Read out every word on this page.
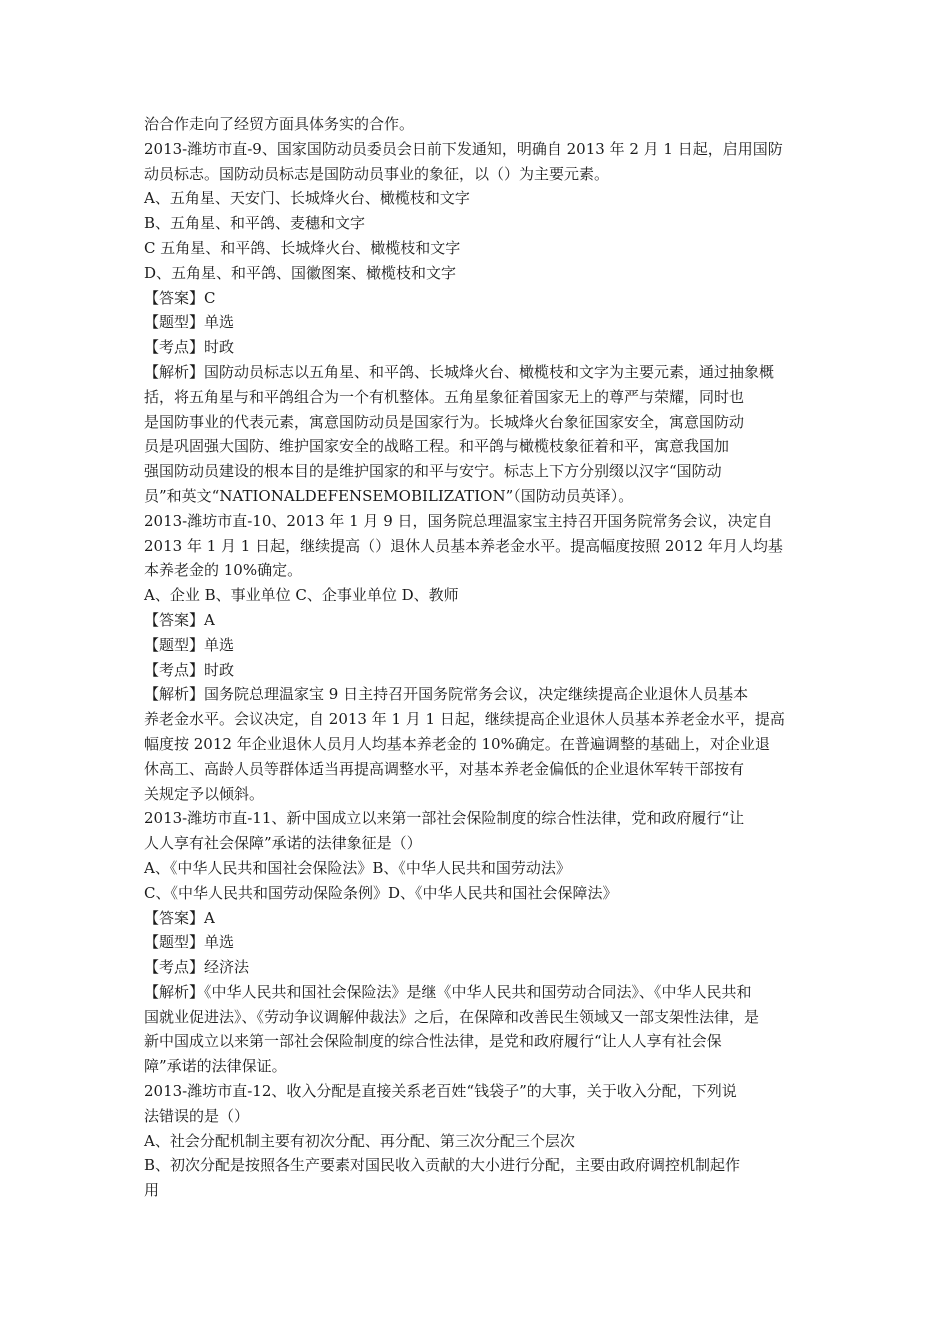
治合作走向了经贸方面具体务实的合作。
2013-潍坊市直-9、国家国防动员委员会日前下发通知，明确自 2013 年 2 月 1 日起，启用国防
动员标志。国防动员标志是国防动员事业的象征，以（）为主要元素。
A、五角星、天安门、长城烽火台、橄榄枝和文字
B、五角星、和平鸽、麦穗和文字
C 五角星、和平鸽、长城烽火台、橄榄枝和文字
D、五角星、和平鸽、国徽图案、橄榄枝和文字
【答案】C
【题型】单选
【考点】时政
【解析】国防动员标志以五角星、和平鸽、长城烽火台、橄榄枝和文字为主要元素，通过抽象概
括，将五角星与和平鸽组合为一个有机整体。五角星象征着国家无上的尊严与荣耀，同时也
是国防事业的代表元素，寓意国防动员是国家行为。长城烽火台象征国家安全，寓意国防动
员是巩固强大国防、维护国家安全的战略工程。和平鸽与橄榄枝象征着和平，寓意我国加
强国防动员建设的根本目的是维护国家的和平与安宁。标志上下方分别缀以汉字“国防动
员”和英文“NATIONALDEFENSEMOBILIZATION”（国防动员英译）。
2013-潍坊市直-10、2013 年 1 月 9 日，国务院总理温家宝主持召开国务院常务会议，决定自
2013 年 1 月 1 日起，继续提高（）退休人员基本养老金水平。提高幅度按照 2012 年月人均基
本养老金的 10%确定。
A、企业 B、事业单位 C、企事业单位 D、教师
【答案】A
【题型】单选
【考点】时政
【解析】国务院总理温家宝 9 日主持召开国务院常务会议，决定继续提高企业退休人员基本
养老金水平。会议决定，自 2013 年 1 月 1 日起，继续提高企业退休人员基本养老金水平，提高
幅度按 2012 年企业退休人员月人均基本养老金的 10%确定。在普遍调整的基础上，对企业退
休高工、高龄人员等群体适当再提高调整水平，对基本养老金偏低的企业退休军转干部按有
关规定予以倾斜。
2013-潍坊市直-11、新中国成立以来第一部社会保险制度的综合性法律，党和政府履行“让
人人享有社会保障”承诺的法律象征是（）
A、《中华人民共和国社会保险法》B、《中华人民共和国劳动法》
C、《中华人民共和国劳动保险条例》D、《中华人民共和国社会保障法》
【答案】A
【题型】单选
【考点】经济法
【解析】《中华人民共和国社会保险法》是继《中华人民共和国劳动合同法》、《中华人民共和
国就业促进法》、《劳动争议调解仲裁法》之后，在保障和改善民生领域又一部支架性法律，是
新中国成立以来第一部社会保险制度的综合性法律，是党和政府履行“让人人享有社会保
障”承诺的法律保证。
2013-潍坊市直-12、收入分配是直接关系老百姓“钱袋子”的大事，关于收入分配，下列说
法错误的是（）
A、社会分配机制主要有初次分配、再分配、第三次分配三个层次
B、初次分配是按照各生产要素对国民收入贡献的大小进行分配，主要由政府调控机制起作
用
